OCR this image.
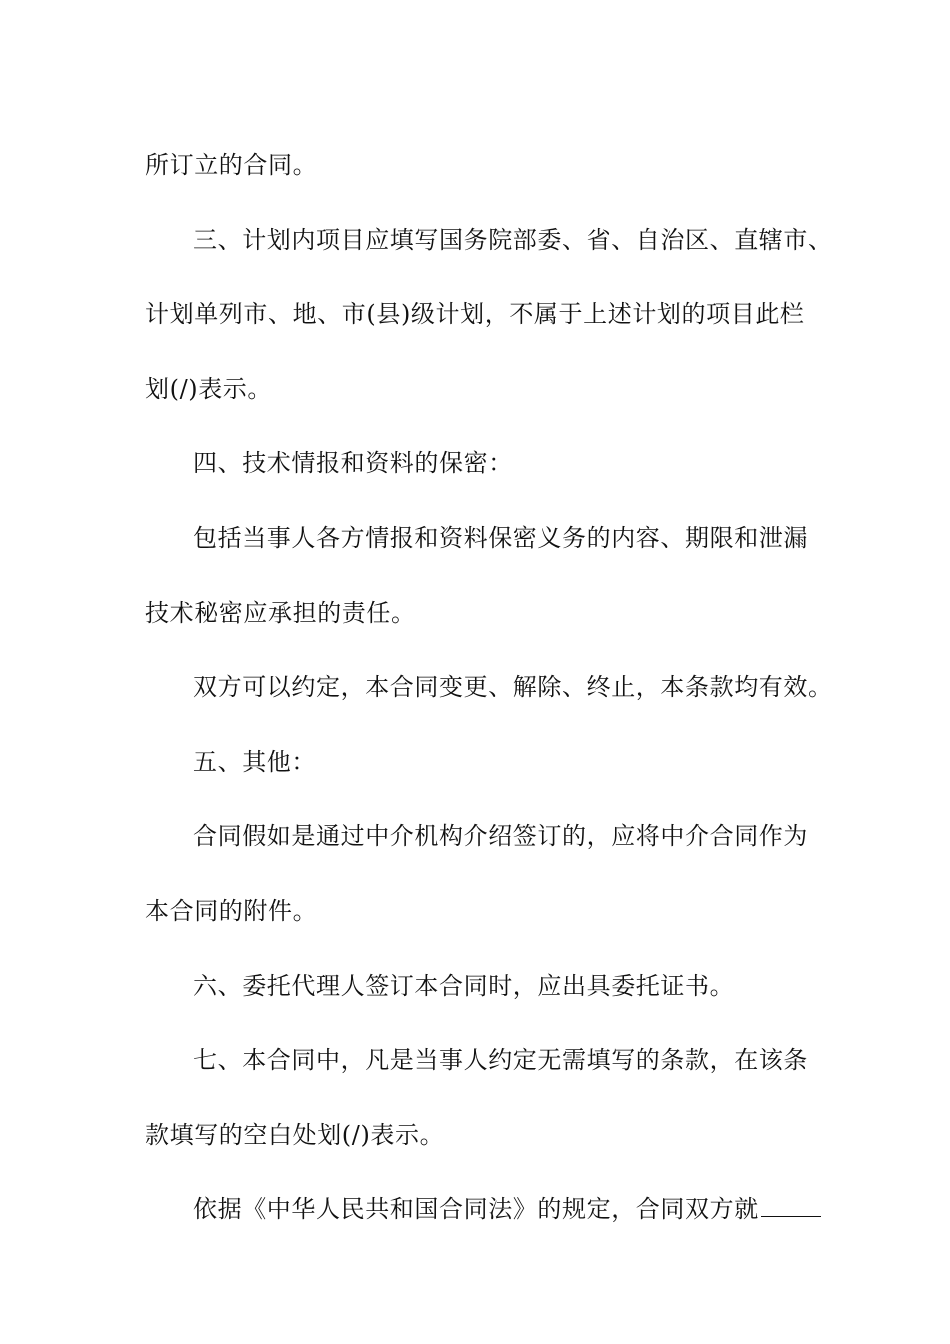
所订立的合同。

三、计划内项目应填写国务院部委、省、自治区、直辖市、

计划单列市、地、市(县)级计划，不属于上述计划的项目此栏

划(/)表示。

四、技术情报和资料的保密：

包括当事人各方情报和资料保密义务的内容、期限和泄漏

技术秘密应承担的责任。

双方可以约定，本合同变更、解除、终止，本条款均有效。

五、其他：

合同假如是通过中介机构介绍签订的，应将中介合同作为

本合同的附件。

六、委托代理人签订本合同时，应出具委托证书。

七、本合同中，凡是当事人约定无需填写的条款，在该条

款填写的空白处划(/)表示。

依据《中华人民共和国合同法》的规定，合同双方就
